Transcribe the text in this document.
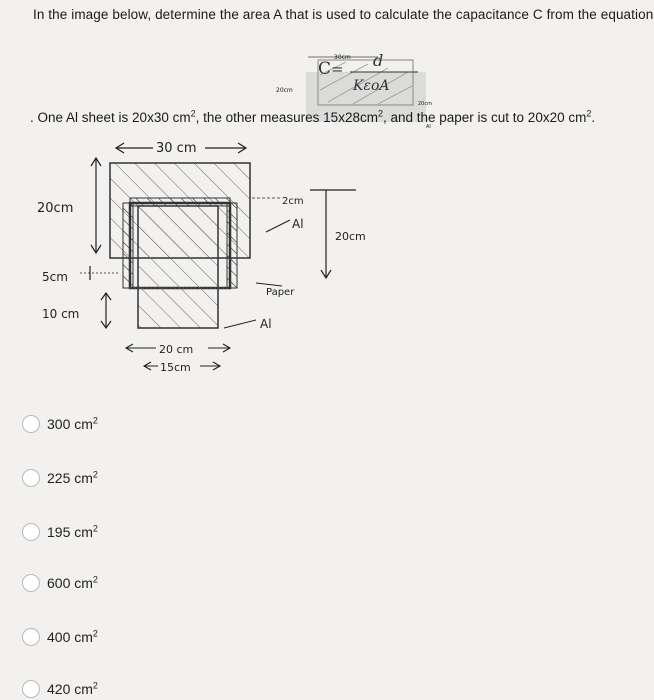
In the image below, determine the area A that is used to calculate the capacitance C from the equation
30cm
20cm
20cm
C = d
KεoA
Al
. One Al sheet is 20x30 $cm^2$, the other measures $15x28cm^2$, and the paper is cut to 20x20 $cm^2$.
30 cm
20cm
5cm
10 cm
2cm
Al
20cm
Paper
Al
20 cm
15cm
300 $cm^2$
225 $cm^2$
195 $cm^2$
600 $cm^2$
400 $cm^2$
420 $cm^2$
